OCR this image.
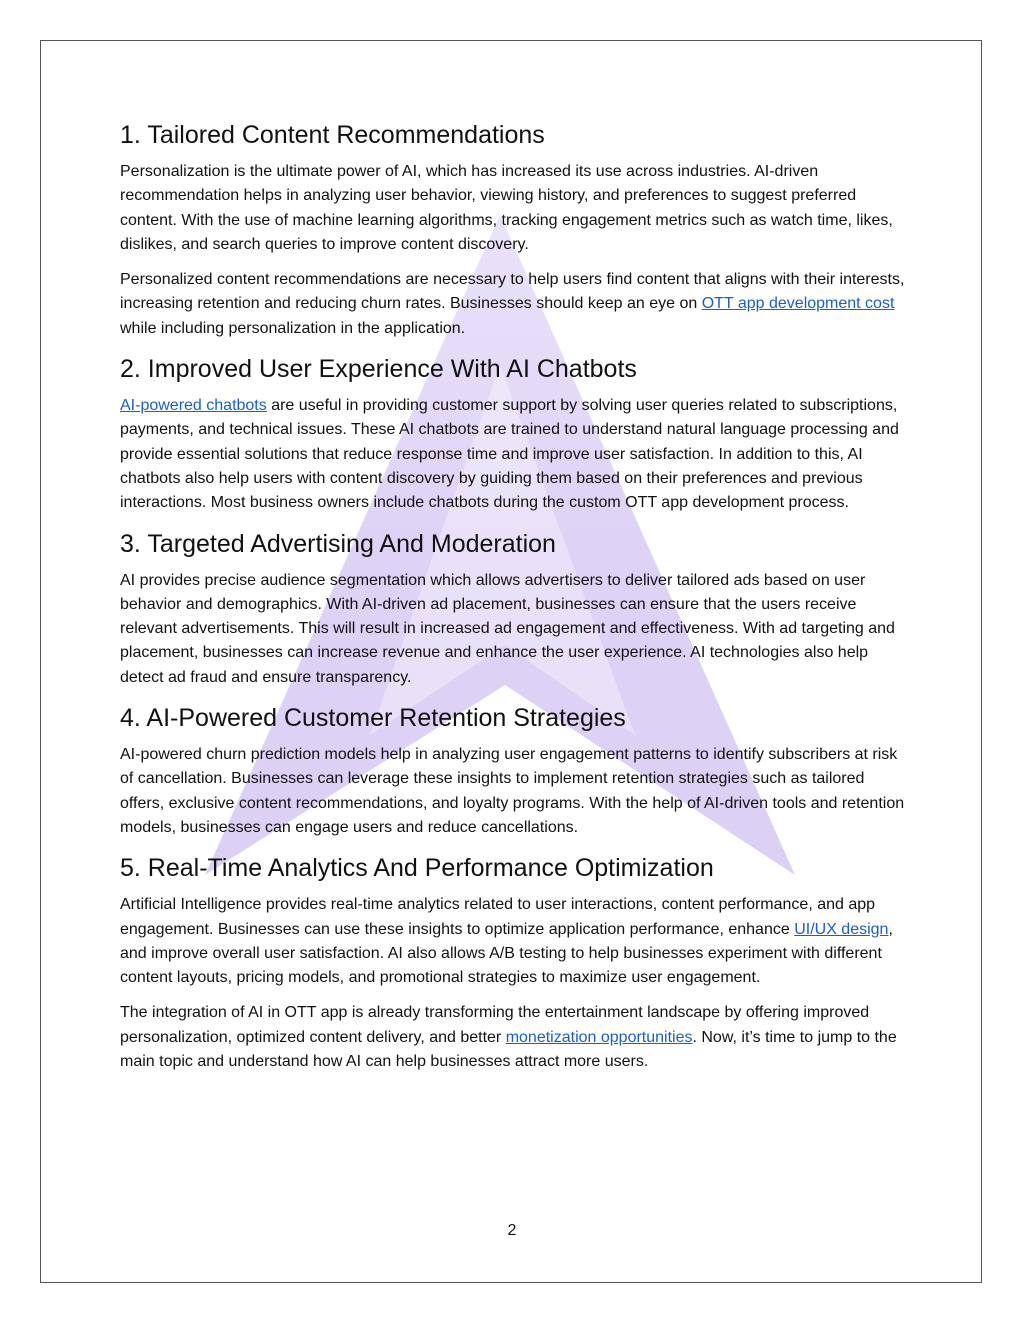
1. Tailored Content Recommendations

Personalization is the ultimate power of AI, which has increased its use across industries. AI-driven recommendation helps in analyzing user behavior, viewing history, and preferences to suggest preferred content. With the use of machine learning algorithms, tracking engagement metrics such as watch time, likes, dislikes, and search queries to improve content discovery.

Personalized content recommendations are necessary to help users find content that aligns with their interests, increasing retention and reducing churn rates. Businesses should keep an eye on OTT app development cost while including personalization in the application.

2. Improved User Experience With AI Chatbots

AI-powered chatbots are useful in providing customer support by solving user queries related to subscriptions, payments, and technical issues. These AI chatbots are trained to understand natural language processing and provide essential solutions that reduce response time and improve user satisfaction. In addition to this, AI chatbots also help users with content discovery by guiding them based on their preferences and previous interactions. Most business owners include chatbots during the custom OTT app development process.

3. Targeted Advertising And Moderation

AI provides precise audience segmentation which allows advertisers to deliver tailored ads based on user behavior and demographics. With AI-driven ad placement, businesses can ensure that the users receive relevant advertisements. This will result in increased ad engagement and effectiveness. With ad targeting and placement, businesses can increase revenue and enhance the user experience. AI technologies also help detect ad fraud and ensure transparency.

4. AI-Powered Customer Retention Strategies

AI-powered churn prediction models help in analyzing user engagement patterns to identify subscribers at risk of cancellation. Businesses can leverage these insights to implement retention strategies such as tailored offers, exclusive content recommendations, and loyalty programs. With the help of AI-driven tools and retention models, businesses can engage users and reduce cancellations.

5. Real-Time Analytics And Performance Optimization

Artificial Intelligence provides real-time analytics related to user interactions, content performance, and app engagement. Businesses can use these insights to optimize application performance, enhance UI/UX design, and improve overall user satisfaction. AI also allows A/B testing to help businesses experiment with different content layouts, pricing models, and promotional strategies to maximize user engagement.

The integration of AI in OTT app is already transforming the entertainment landscape by offering improved personalization, optimized content delivery, and better monetization opportunities. Now, it’s time to jump to the main topic and understand how AI can help businesses attract more users.

2
